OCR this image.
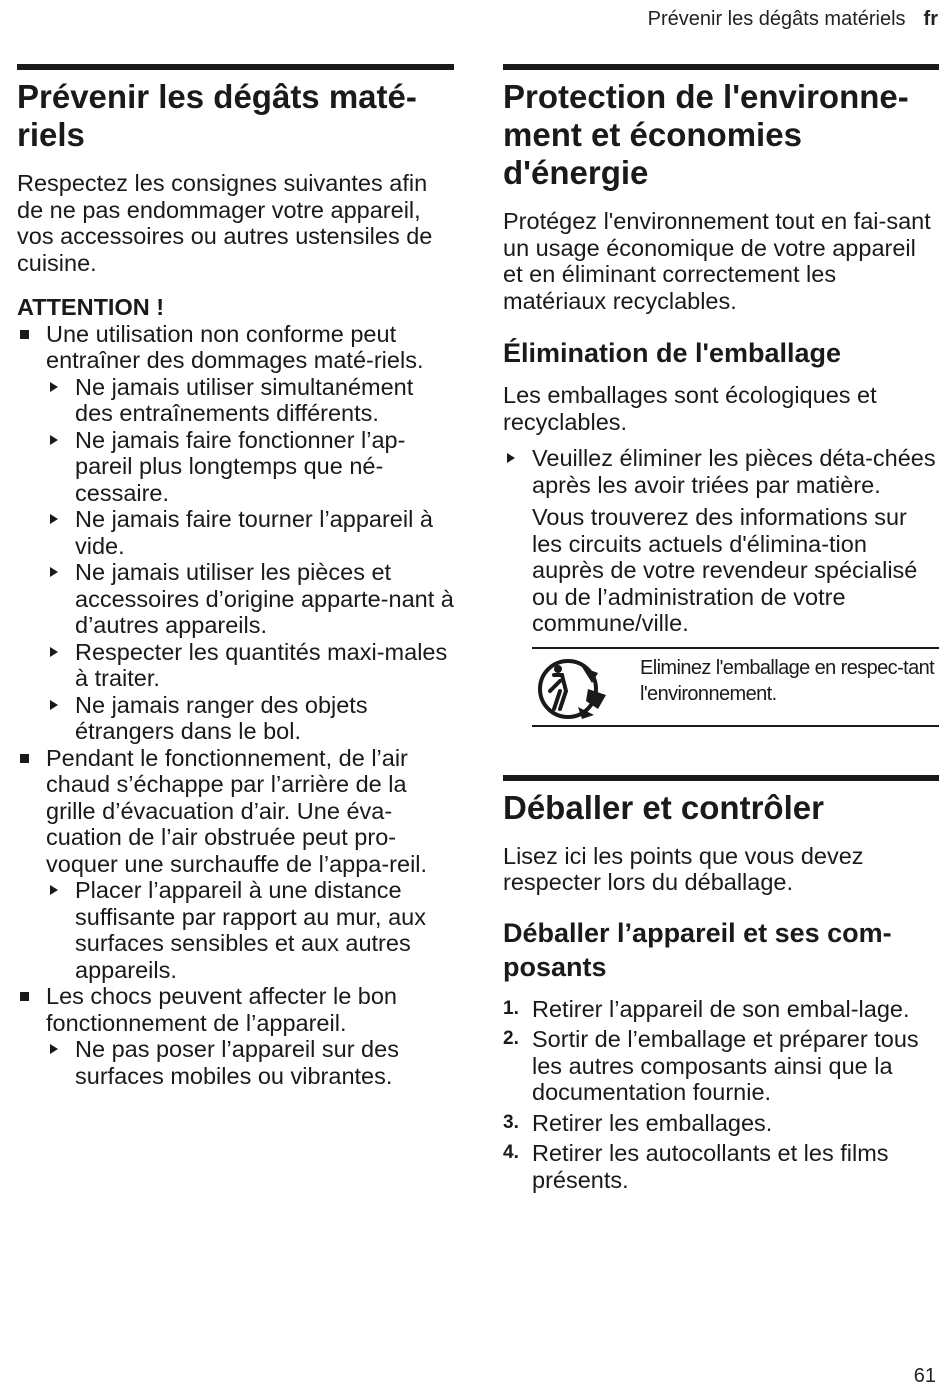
Prévenir les dégâts matériels fr
Prévenir les dégâts maté-
riels

Respectez les consignes suivantes afin de ne pas endommager votre appareil, vos accessoires ou autres ustensiles de cuisine.

ATTENTION !

Une utilisation non conforme peut entraîner des dommages maté-riels.
Ne jamais utiliser simultanément des entraînements différents.
Ne jamais faire fonctionner l’ap-pareil plus longtemps que né-cessaire.
Ne jamais faire tourner l’appareil à vide.
Ne jamais utiliser les pièces et accessoires d’origine apparte-nant à d’autres appareils.
Respecter les quantités maxi-males à traiter.
Ne jamais ranger des objets étrangers dans le bol.
Pendant le fonctionnement, de l’air chaud s’échappe par l’arrière de la grille d’évacuation d’air. Une éva-cuation de l’air obstruée peut pro-voquer une surchauffe de l’appa-reil.
Placer l’appareil à une distance suffisante par rapport au mur, aux surfaces sensibles et aux autres appareils.
Les chocs peuvent affecter le bon fonctionnement de l’appareil.
Ne pas poser l’appareil sur des surfaces mobiles ou vibrantes.
Protection de l'environne-
ment et économies
d'énergie

Protégez l'environnement tout en fai-sant un usage économique de votre appareil et en éliminant correctement les matériaux recyclables.

Élimination de l'emballage

Les emballages sont écologiques et recyclables.

Veuillez éliminer les pièces déta-chées après les avoir triées par matière.

Vous trouverez des informations sur les circuits actuels d'élimina-tion auprès de votre revendeur spécialisé ou de l’administration de votre commune/ville.

Eliminez l'emballage en respec-tant l'environnement.
Déballer et contrôler

Lisez ici les points que vous devez respecter lors du déballage.

Déballer l’appareil et ses com-
posants
1. Retirer l’appareil de son embal-lage.
2. Sortir de l’emballage et préparer tous les autres composants ainsi que la documentation fournie.
3. Retirer les emballages.
4. Retirer les autocollants et les films présents.
61
